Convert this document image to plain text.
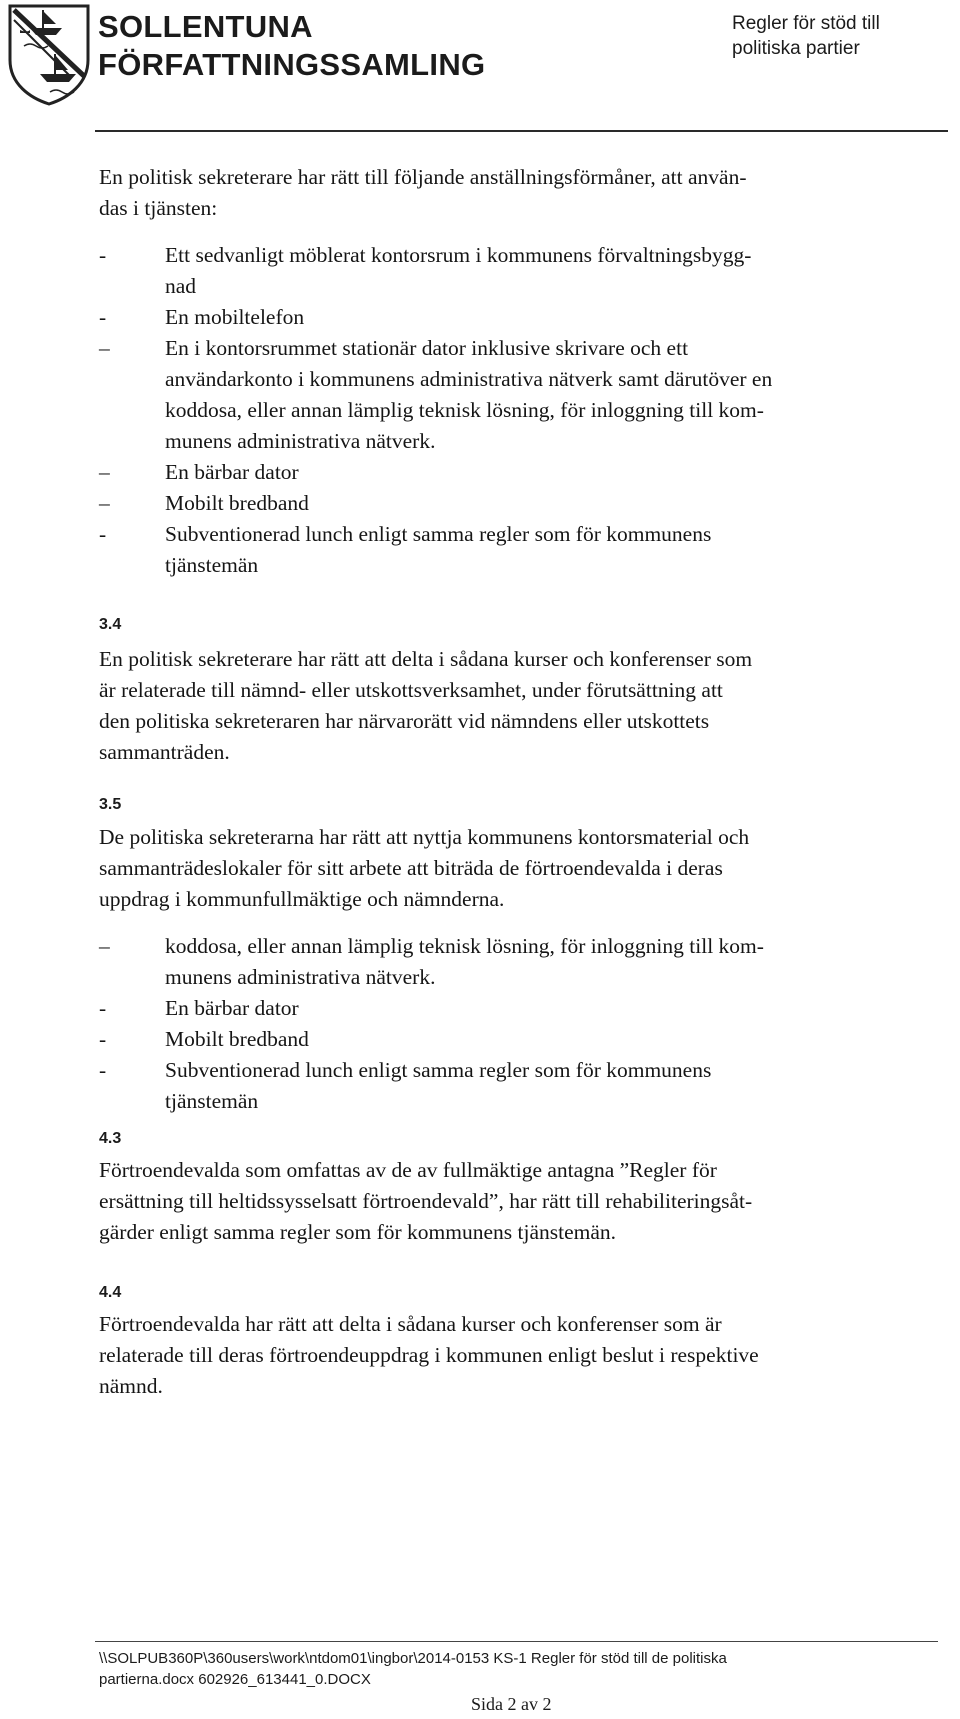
SOLLENTUNA
FÖRFATTNINGSSAMLING
Regler för stöd till
politiska partier
En politisk sekreterare har rätt till följande anställningsförmåner, att använ-
das i tjänsten:
-	Ett sedvanligt möblerat kontorsrum i kommunens förvaltningsbygg-
nad
-	En mobiltelefon
–	En i kontorsrummet stationär dator inklusive skrivare och ett
användarkonto i kommunens administrativa nätverk samt därutöver en
koddosa, eller annan lämplig teknisk lösning, för inloggning till kom-
munens administrativa nätverk.
–	En bärbar dator
–	Mobilt bredband
-	Subventionerad lunch enligt samma regler som för kommunens
tjänstemän
3.4
En politisk sekreterare har rätt att delta i sådana kurser och konferenser som
är relaterade till nämnd- eller utskottsverksamhet, under förutsättning att
den politiska sekreteraren har närvarorätt vid nämndens eller utskottets
sammanträden.
3.5
De politiska sekreterarna har rätt att nyttja kommunens kontorsmaterial och
sammanträdeslokaler för sitt arbete att biträda de förtroendevalda i deras
uppdrag i kommunfullmäktige och nämnderna.
–	koddosa, eller annan lämplig teknisk lösning, för inloggning till kom-
munens administrativa nätverk.
-	En bärbar dator
-	Mobilt bredband
-	Subventionerad lunch enligt samma regler som för kommunens
tjänstemän
4.3
Förtroendevalda som omfattas av de av fullmäktige antagna ”Regler för
ersättning till heltidssysselsatt förtroendevald”, har rätt till rehabiliteringsåt-
gärder enligt samma regler som för kommunens tjänstemän.
4.4
Förtroendevalda har rätt att delta i sådana kurser och konferenser som är
relaterade till deras förtroendeuppdrag i kommunen enligt beslut i respektive
nämnd.
\\SOLPUB360P\360users\work\ntdom01\ingbor\2014-0153 KS-1 Regler för stöd till de politiska
partierna.docx 602926_613441_0.DOCX
Sida 2 av 2
